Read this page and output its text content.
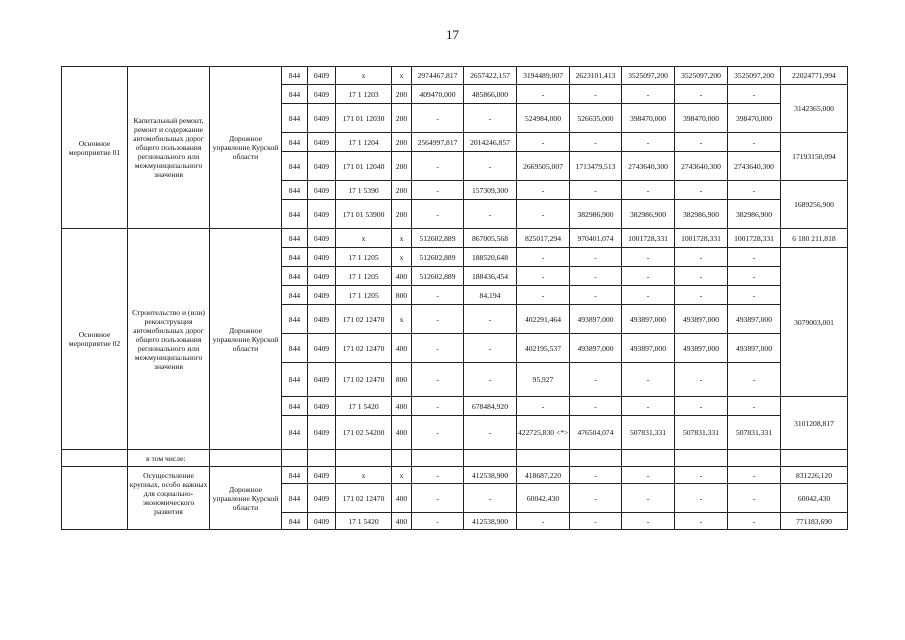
17
Основное мероприятие 01	Капитальный ремонт, ремонт и содержание автомобильных дорог общего пользования регионального или межмуниципального значения	Дорожное управление Курской области	844	0409	х	х	2974467,817	2657422,157	3194489,007	2623101,413	3525097,200	3525097,200	3525097,200	22024771,994
			844	0409	17 1 1203	200	409470,000	485866,000	-	-	-	-	-	3142365,000
			844	0409	171 01 12030	200	-	-	524984,000	526635,000	398470,000	398470,000	398470,000	
			844	0409	17 1 1204	200	2564997,817	2014246,857	-	-	-	-	-	17193150,094
			844	0409	171 01 12040	200	-	-	2669505,007	1713479,513	2743640,300	2743640,300	2743640,300	
			844	0409	17 1 5390	200	-	157309,300	-	-	-	-	-	1689256,900
			844	0409	171 01 53900	200	-	-	-	382986,900	382986,900	382986,900	382986,900	
Основное мероприятие 02	Строительство и (или) реконструкция автомобильных дорог общего пользования регионального или межмуниципального значения	Дорожное управление Курской области	844	0409	х	х	512602,889	867005,568	825017,294	970401,074	1001728,331	1001728,331	1001728,331	6 180 211,818
			844	0409	17 1 1205	х	512602,889	188520,648	-	-	-	-	-	3079003,001
			844	0409	17 1 1205	400	512602,889	188436,454	-	-	-	-	-	
			844	0409	17 1 1205	800	-	84,194	-	-	-	-	-	
			844	0409	171 02 12470	х	-	-	402291,464	493897,000	493897,000	493897,000	493897,000	
			844	0409	171 02 12470	400	-	-	402195,537	493897,000	493897,000	493897,000	493897,000	
			844	0409	171 02 12470	800	-	-	95,927	-	-	-	-	
			844	0409	17 1 5420	400	-	678484,920	-	-	-	-	-	3101208,817
			844	0409	171 02 54200	400	-	-	422725,830 <*>	476504,074	507831,331	507831,331	507831,331	
	в том числе:													
	Осуществление крупных, особо важных для социально-экономического развития	Дорожное управление Курской области	844	0409	х	х	-	412538,900	418687,220	-	-	-	-	831226,120
			844	0409	171 02 12470	400	-	-	60042,430	-	-	-	-	60042,430
			844	0409	17 1 5420	400	-	412538,900	-	-	-	-	-	771183,690
